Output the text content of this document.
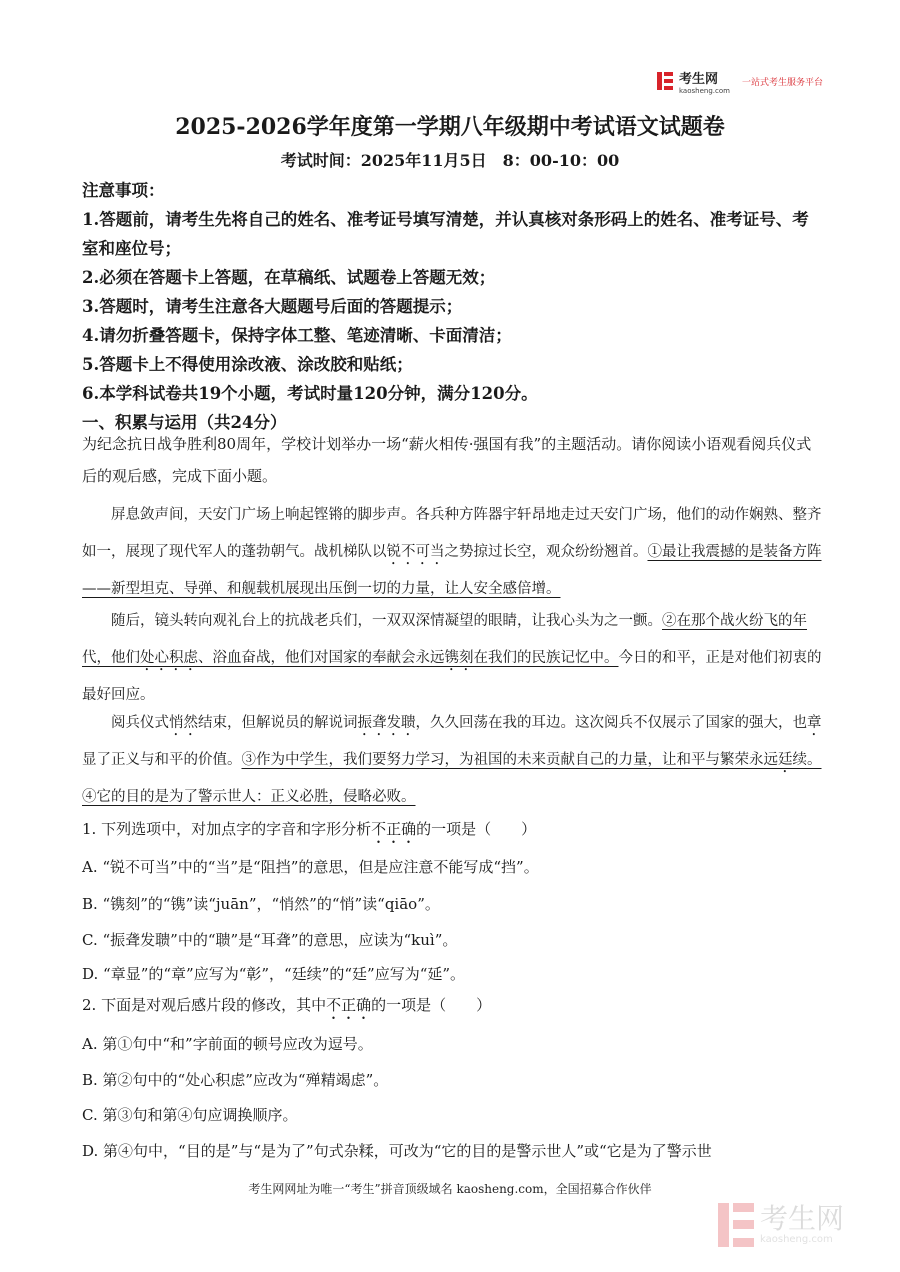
考生网
kaosheng.com
一站式考生服务平台
2025-2026学年度第一学期八年级期中考试语文试题卷
考试时间：2025年11月5日　8：00-10：00
注意事项：
1.答题前，请考生先将自己的姓名、准考证号填写清楚，并认真核对条形码上的姓名、准考证号、考室和座位号；
2.必须在答题卡上答题，在草稿纸、试题卷上答题无效；
3.答题时，请考生注意各大题题号后面的答题提示；
4.请勿折叠答题卡，保持字体工整、笔迹清晰、卡面清洁；
5.答题卡上不得使用涂改液、涂改胶和贴纸；
6.本学科试卷共19个小题，考试时量120分钟，满分120分。
一、积累与运用（共24分）
为纪念抗日战争胜利80周年，学校计划举办一场“薪火相传·强国有我”的主题活动。请你阅读小语观看阅兵仪式后的观后感，完成下面小题。
屏息敛声间，天安门广场上响起铿锵的脚步声。各兵种方阵器宇轩昂地走过天安门广场，他们的动作娴熟、整齐如一，展现了现代军人的蓬勃朝气。战机梯队以锐不可当之势掠过长空，观众纷纷翘首。①最让我震撼的是装备方阵——新型坦克、导弹、和舰载机展现出压倒一切的力量，让人安全感倍增。
随后，镜头转向观礼台上的抗战老兵们，一双双深情凝望的眼睛，让我心头为之一颤。②在那个战火纷飞的年代，他们处心积虑、浴血奋战，他们对国家的奉献会永远镌刻在我们的民族记忆中。今日的和平，正是对他们初衷的最好回应。
阅兵仪式悄然结束，但解说员的解说词振聋发聩，久久回荡在我的耳边。这次阅兵不仅展示了国家的强大，也章显了正义与和平的价值。③作为中学生，我们要努力学习，为祖国的未来贡献自己的力量，让和平与繁荣永远廷续。④它的目的是为了警示世人：正义必胜，侵略必败。
1. 下列选项中，对加点字的字音和字形分析不正确的一项是（　　）
A. “锐不可当”中的“当”是“阻挡”的意思，但是应注意不能写成“挡”。
B. “镌刻”的“镌”读“juān”，“悄然”的“悄”读“qiāo”。
C. “振聋发聩”中的“聩”是“耳聋”的意思，应读为“kuì”。
D. “章显”的“章”应写为“彰”，“廷续”的“廷”应写为“延”。
2. 下面是对观后感片段的修改，其中不正确的一项是（　　）
A. 第①句中“和”字前面的顿号应改为逗号。
B. 第②句中的“处心积虑”应改为“殚精竭虑”。
C. 第③句和第④句应调换顺序。
D. 第④句中，“目的是”与“是为了”句式杂糅，可改为“它的目的是警示世人”或“它是为了警示世
考生网网址为唯一“考生”拼音顶级域名 kaosheng.com，全国招募合作伙伴
考生网
kaosheng.com
